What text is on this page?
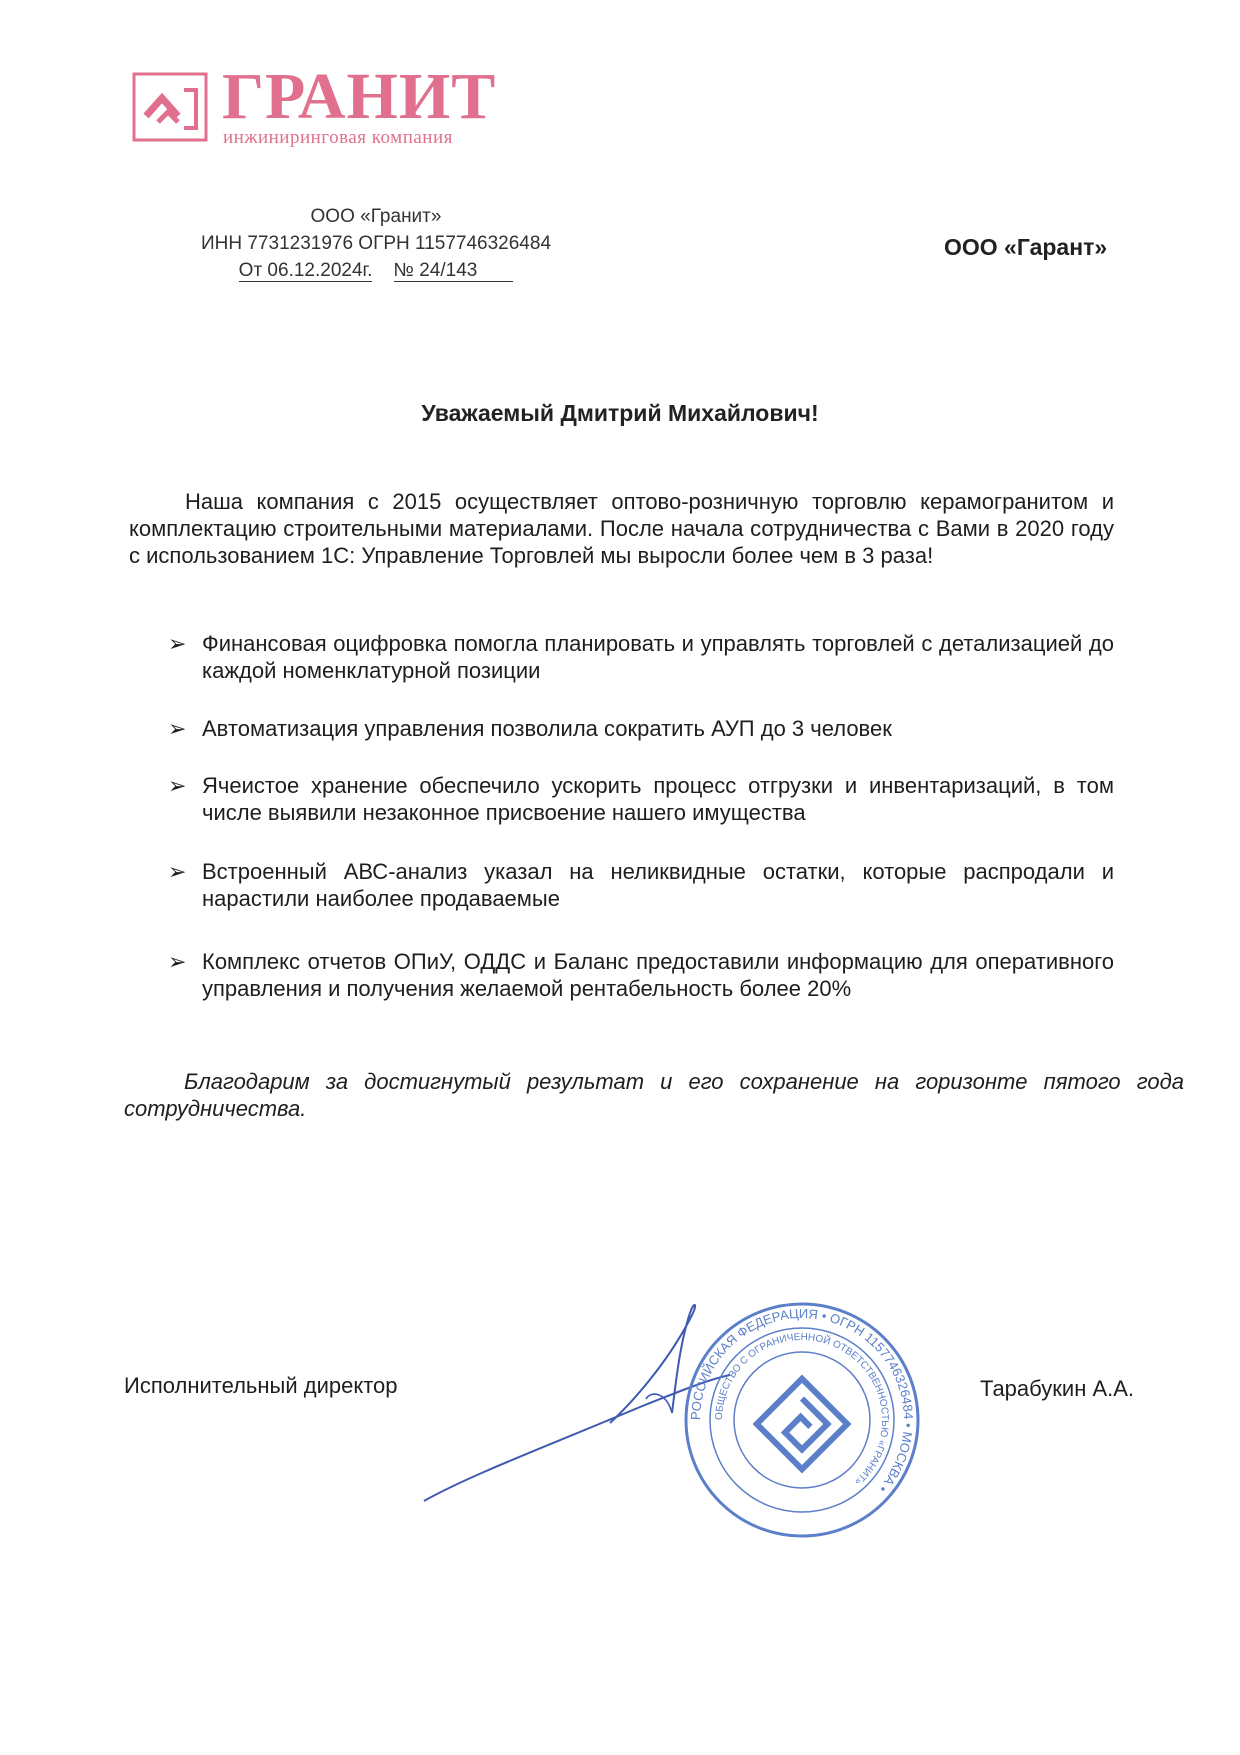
ГРАНИТ
инжиниринговая компания
ООО «Гранит»
ИНН 7731231976 ОГРН 1157746326484
От 06.12.2024г. № 24/143
ООО «Гарант»
Уважаемый Дмитрий Михайлович!
Наша компания с 2015 осуществляет оптово-розничную торговлю керамогранитом и комплектацию строительными материалами. После начала сотрудничества с Вами в 2020 году с использованием 1С: Управление Торговлей мы выросли более чем в 3 раза!
➢ Финансовая оцифровка помогла планировать и управлять торговлей с детализацией до каждой номенклатурной позиции
➢ Автоматизация управления позволила сократить АУП до 3 человек
➢ Ячеистое хранение обеспечило ускорить процесс отгрузки и инвентаризаций, в том числе выявили незаконное присвоение нашего имущества
➢ Встроенный АВС-анализ указал на неликвидные остатки, которые распродали и нарастили наиболее продаваемые
➢ Комплекс отчетов ОПиУ, ОДДС и Баланс предоставили информацию для оперативного управления и получения желаемой рентабельность более 20%
Благодарим за достигнутый результат и его сохранение на горизонте пятого года сотрудничества.
Исполнительный директор
РОССИЙСКАЯ ФЕДЕРАЦИЯ • ОГРН 1157746326484 • МОСКВА •
ОБЩЕСТВО С ОГРАНИЧЕННОЙ ОТВЕТСТВЕННОСТЬЮ «ГРАНИТ»
Тарабукин А.А.
